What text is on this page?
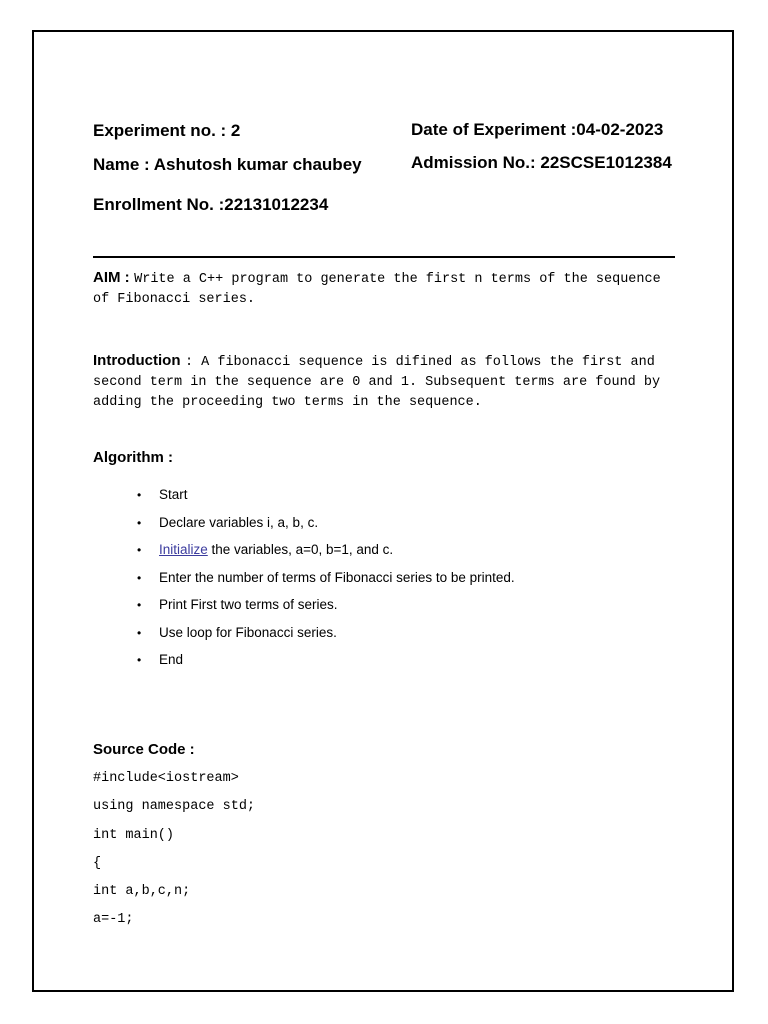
Experiment no. : 2	Date of Experiment :04-02-2023
Name : Ashutosh kumar chaubey	Admission No.: 22SCSE1012384
Enrollment No. :22131012234
AIM : Write a C++ program to generate the first n terms of the sequence of Fibonacci series.
Introduction : A fibonacci sequence is difined as follows the first and second term in the sequence are 0 and 1. Subsequent terms are found by adding the proceeding two terms in the sequence.
Algorithm :
• Start
• Declare variables i, a, b, c.
• Initialize the variables, a=0, b=1, and c.
• Enter the number of terms of Fibonacci series to be printed.
• Print First two terms of series.
• Use loop for Fibonacci series.
• End
Source Code :
#include<iostream>
using namespace std;
int main()
{
int a,b,c,n;
a=-1;
